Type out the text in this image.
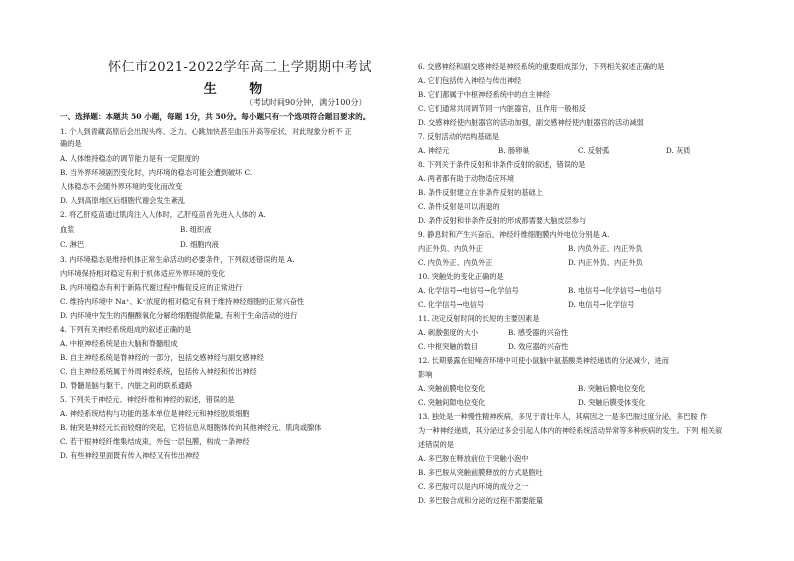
怀仁市2021-2022学年高二上学期期中考试
生 物
（考试时间90分钟，满分100分）
一、选择题：本题共 50 小题，每题 1分，共 50分。每小题只有一个选项符合题目要求的。
1. 个人到青藏高原后会出现头疼、乏力、心跳加快甚至血压升高等症状，对此现象分析不 正
确的是
A. 人体维持稳态的调节能力是有一定限度的
B. 当外界环境剧烈变化时，内环境的稳态可能会遭到破坏 C.
人体稳态不会随外界环境的变化而改变
D. 人到高原地区后细胞代谢会发生紊乱
2. 将乙肝疫苗通过肌肉注入人体时，乙肝疫苗首先进入人体的 A.
血浆	B. 组织液
C. 淋巴	D. 细胞内液
3. 内环境稳态是维持机体正常生命活动的必要条件，下列叙述错误的是 A.
内环境保持相对稳定有利于机体适应外界环境的变化
B. 内环境稳态有利于新陈代谢过程中酶促反应的正常进行
C. 维持内环境中 Na⁺、K⁺浓度的相对稳定有利于维持神经细胞的正常兴奋性
D. 内环境中发生的丙酮酸氧化分解给细胞提供能量, 有利于生命活动的进行
4. 下列有关神经系统组成的叙述正确的是
A. 中枢神经系统是由大脑和脊髓组成
B. 自主神经系统是脊神经的一部分，包括交感神经与副交感神经
C. 自主神经系统属于外周神经系统，包括传入神经和传出神经
D. 脊髓是脑与躯干、内脏之间的联系通路
5. 下列关于神经元、神经纤维和神经的叙述，错误的是
A. 神经系统结构与功能的基本单位是神经元和神经胶质细胞
B. 轴突是神经元长而较细的突起，它将信息从细胞体传向其他神经元、肌肉或腺体
C. 若干根神经纤维集结成束，外包一层包膜，构成一条神经
D. 有些神经里面既有传入神经又有传出神经
6. 交感神经和副交感神经是神经系统的重要组成部分，下列相关叙述正确的是
A. 它们包括传入神经与传出神经
B. 它们都属于中枢神经系统中的自主神经
C. 它们通常共同调节同一内脏器官，且作用一般相反
D. 交感神经使内脏器官的活动加强，副交感神经使内脏器官的活动减弱
7. 反射活动的结构基础是
A. 神经元	B. 肠卵巢	C. 反射弧	D. 灰质
8. 下列关于条件反射和非条件反射的叙述，错误的是
A. 两者都有助于动物适应环境
B. 条件反射建立在非条件反射的基础上
C. 条件反射是可以消退的
D. 条件反射和非条件反射的形成都需要大脑皮层参与
9. 静息时和产生兴奋后，神经纤维细胞膜内外电位分别是 A.
内正外负、内负外正	B. 内负外正、内正外负
C. 内负外正、内负外正	D. 内正外负、内正外负
10. 突触处的变化正确的是
A. 化学信号→电信号→化学信号	B. 电信号→化学信号→电信号
C. 化学信号→电信号	D. 电信号→化学信号
11. 决定反射时间的长短的主要因素是
A. 刺激强度的大小	B. 感受器的兴奋性
C. 中枢突触的数目	D. 效应器的兴奋性
12. 长期暴露在铅噪音环境中可使小鼠脑中氨基酸类神经递质的分泌减少，进而
影响
A. 突触前膜电位变化	B. 突触后膜电位变化
C. 突触间隙电位变化	D. 突触后膜受体变化
13. 独处是一种慢性精神疾病，多见于青壮年人，其病因之一是多巴胺过度分泌。多巴胺 作
为一种神经递质，其分泌过多会引起人体内的神经系统活动异常等多种疾病的发生。下列 相关叙
述错误的是
A. 多巴胺在释放前位于突触小泡中
B. 多巴胺从突触前膜释放的方式是胞吐
C. 多巴胺可以是内环境的成分之一
D. 多巴胺合成和分泌的过程不需要能量
